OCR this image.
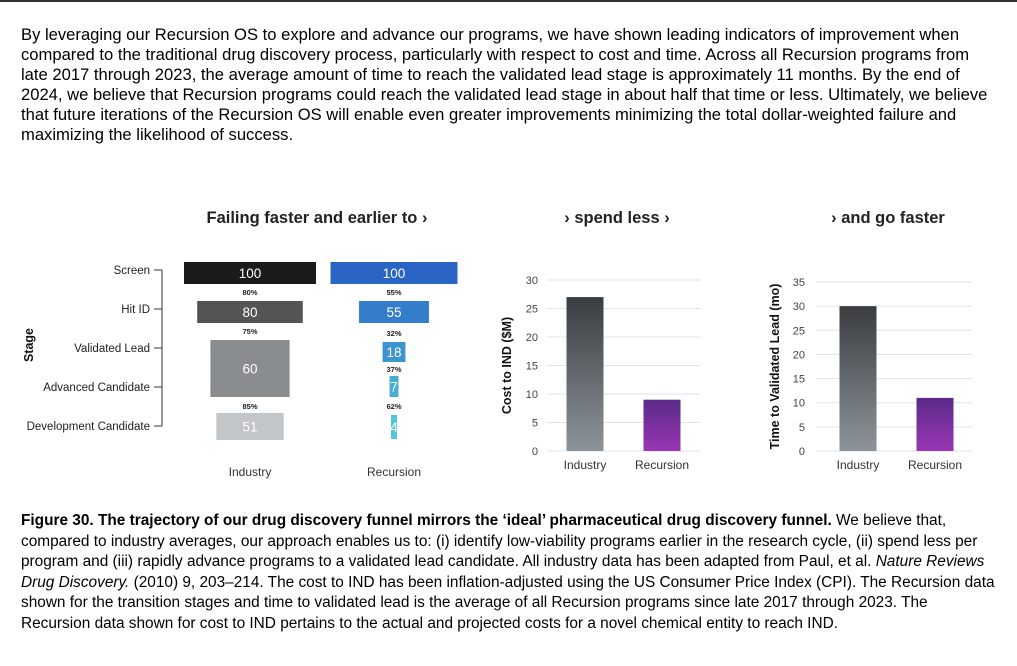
By leveraging our Recursion OS to explore and advance our programs, we have shown leading indicators of improvement when compared to the traditional drug discovery process, particularly with respect to cost and time. Across all Recursion programs from late 2017 through 2023, the average amount of time to reach the validated lead stage is approximately 11 months. By the end of 2024, we believe that Recursion programs could reach the validated lead stage in about half that time or less. Ultimately, we believe that future iterations of the Recursion OS will enable even greater improvements minimizing the total dollar-weighted failure and maximizing the likelihood of success.

Failing faster and earlier to ›	› spend less ›	› and go faster
Screen
Hit ID
Validated Lead
Advanced Candidate
Development Candidate
Stage
100
80
60
51
80%
75%
85%
Industry
100
55
18
7
4
55%
32%
37%
62%
Recursion
0
5
10
15
20
25
30
Cost to IND ($M)
Industry Recursion
0
5
10
15
20
25
30
35
Time to Validated Lead (mo)
Industry Recursion

Figure 30. The trajectory of our drug discovery funnel mirrors the ‘ideal’ pharmaceutical drug discovery funnel. We believe that, compared to industry averages, our approach enables us to: (i) identify low-viability programs earlier in the research cycle, (ii) spend less per program and (iii) rapidly advance programs to a validated lead candidate. All industry data has been adapted from Paul, et al. Nature Reviews Drug Discovery. (2010) 9, 203–214. The cost to IND has been inflation-adjusted using the US Consumer Price Index (CPI). The Recursion data shown for the transition stages and time to validated lead is the average of all Recursion programs since late 2017 through 2023. The Recursion data shown for cost to IND pertains to the actual and projected costs for a novel chemical entity to reach IND.
